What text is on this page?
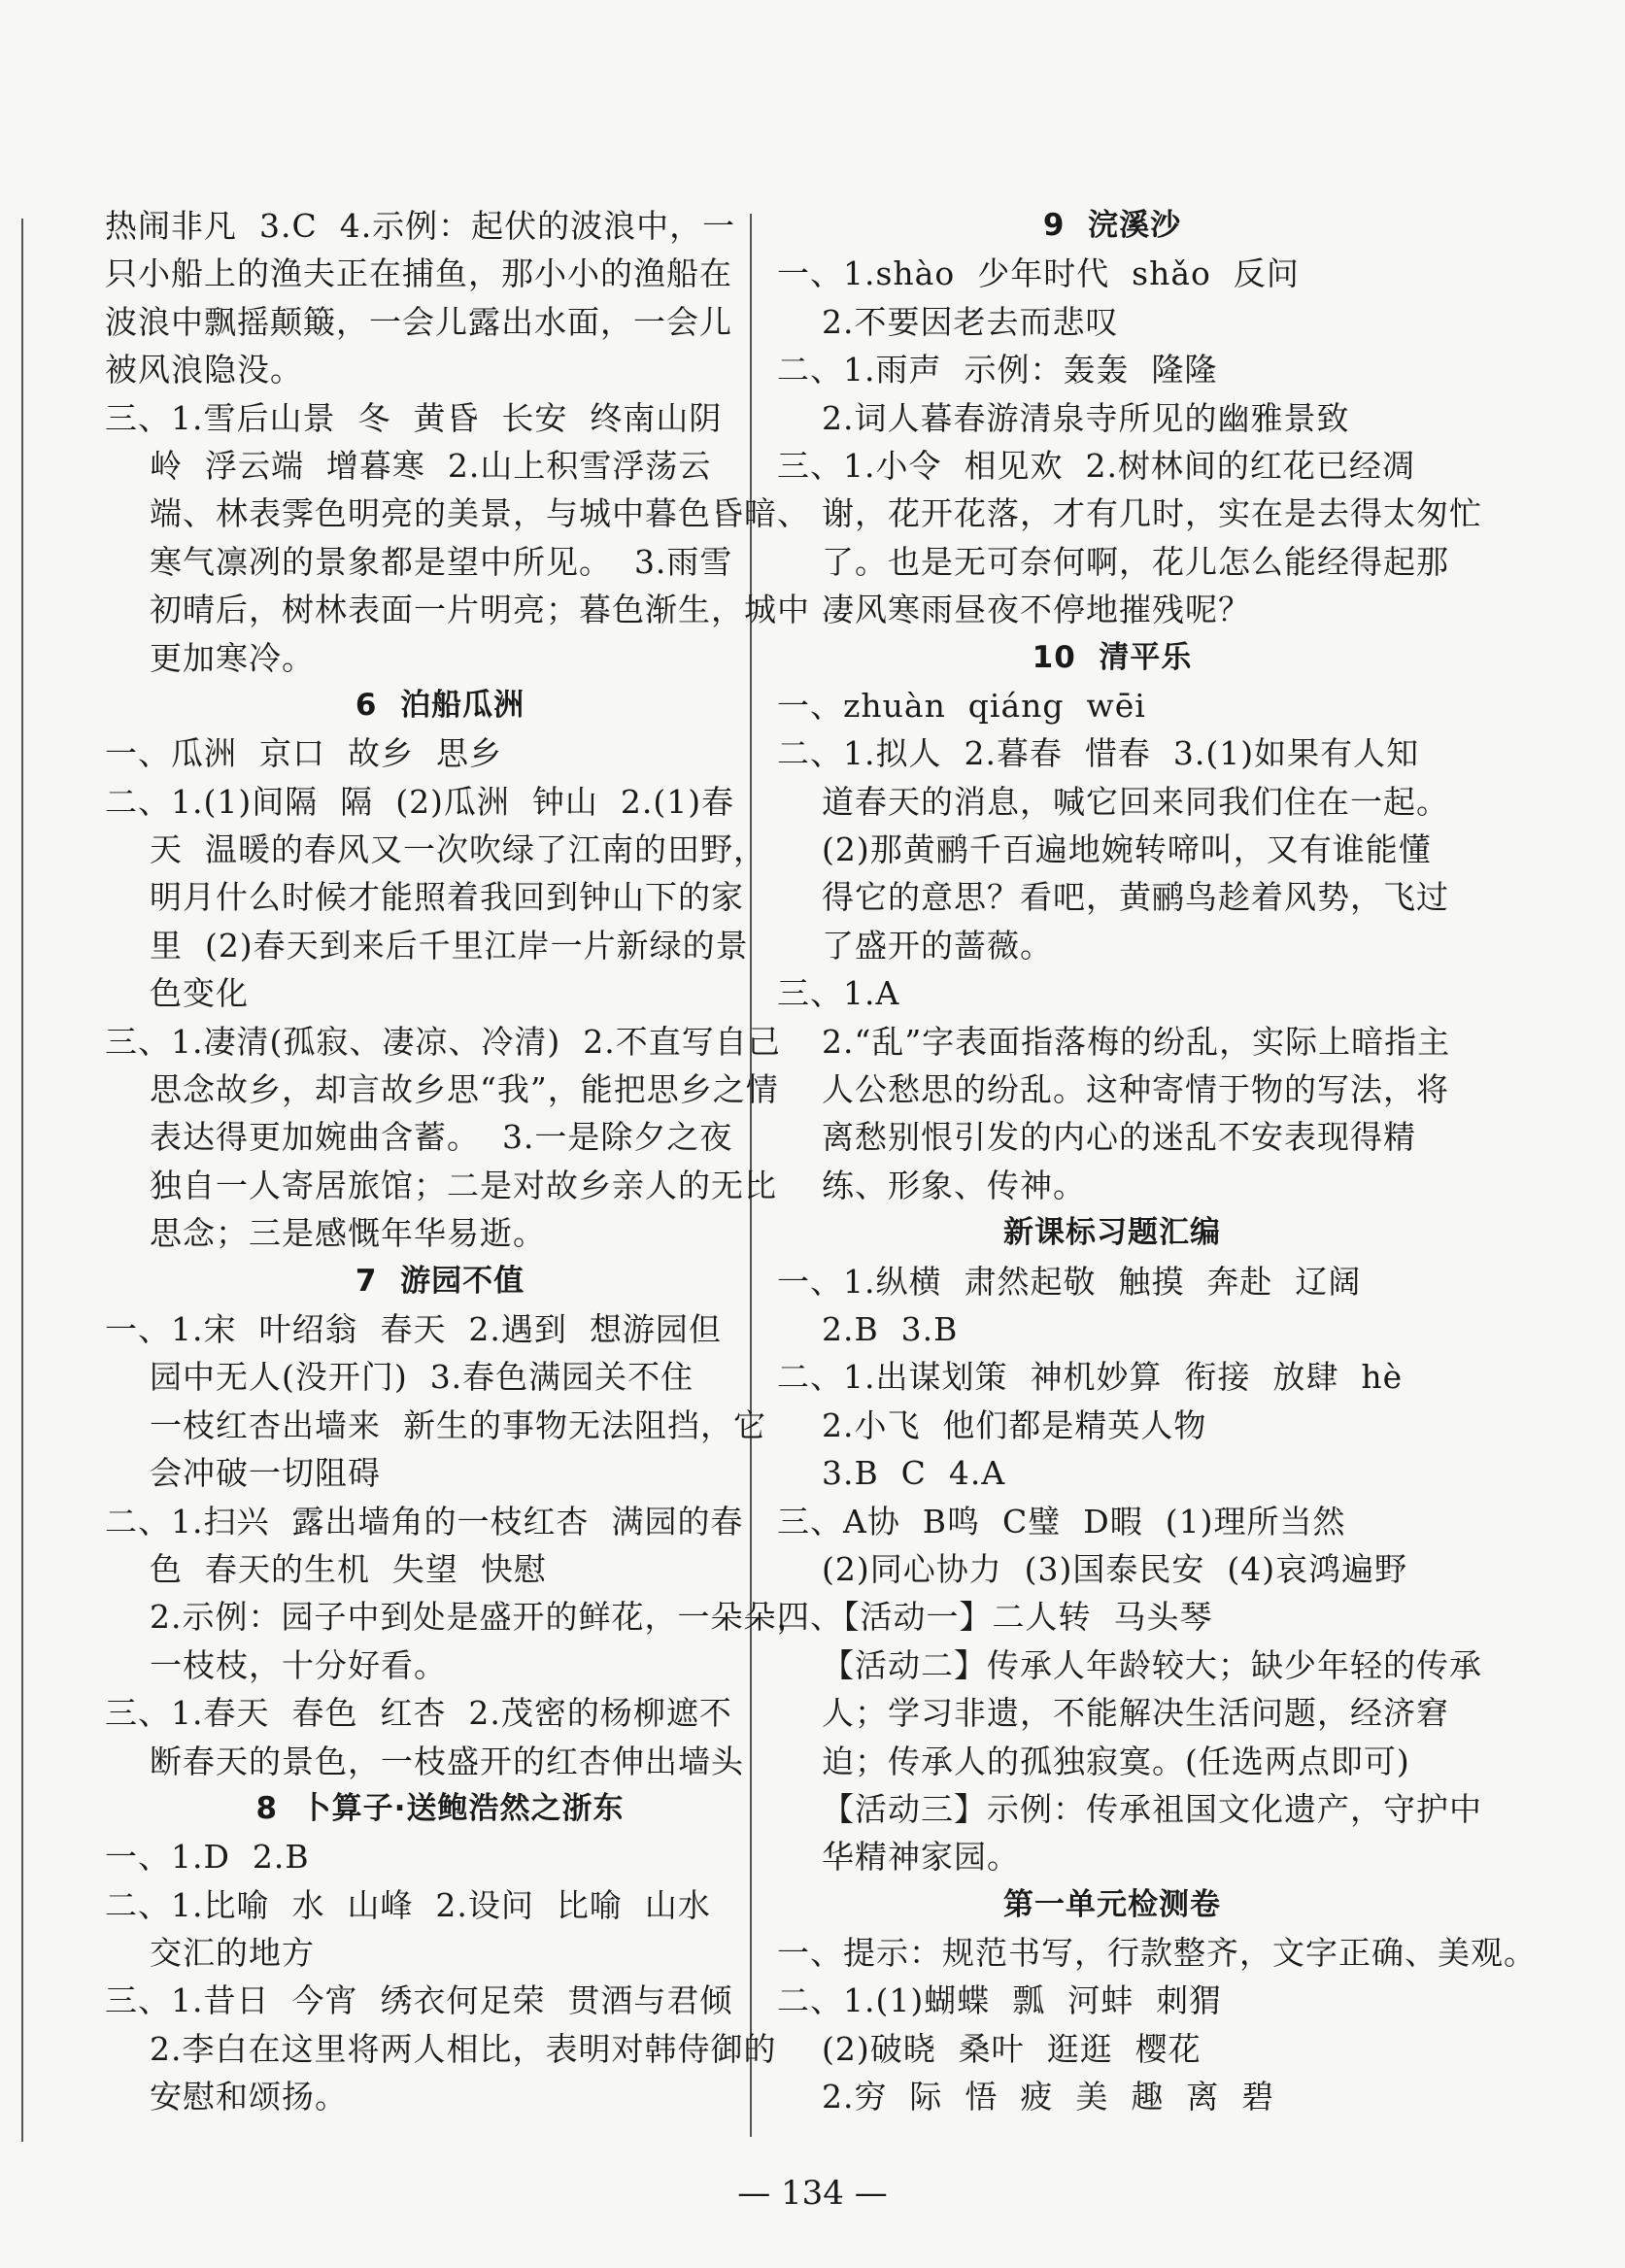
热闹非凡  3.C  4.示例：起伏的波浪中，一
只小船上的渔夫正在捕鱼，那小小的渔船在
波浪中飘摇颠簸，一会儿露出水面，一会儿
被风浪隐没。
三、1.雪后山景  冬  黄昏  长安  终南山阴
岭  浮云端  增暮寒  2.山上积雪浮荡云
端、林表霁色明亮的美景，与城中暮色昏暗、
寒气凛冽的景象都是望中所见。  3.雨雪
初晴后，树林表面一片明亮；暮色渐生，城中
更加寒冷。
6  泊船瓜洲
一、瓜洲  京口  故乡  思乡
二、1.(1)间隔  隔  (2)瓜洲  钟山  2.(1)春
天  温暖的春风又一次吹绿了江南的田野，
明月什么时候才能照着我回到钟山下的家
里  (2)春天到来后千里江岸一片新绿的景
色变化
三、1.凄清(孤寂、凄凉、冷清)  2.不直写自己
思念故乡，却言故乡思“我”，能把思乡之情
表达得更加婉曲含蓄。  3.一是除夕之夜
独自一人寄居旅馆；二是对故乡亲人的无比
思念；三是感慨年华易逝。
7  游园不值
一、1.宋  叶绍翁  春天  2.遇到  想游园但
园中无人(没开门)  3.春色满园关不住
一枝红杏出墙来  新生的事物无法阻挡，它
会冲破一切阻碍
二、1.扫兴  露出墙角的一枝红杏  满园的春
色  春天的生机  失望  快慰
2.示例：园子中到处是盛开的鲜花，一朵朵，
一枝枝，十分好看。
三、1.春天  春色  红杏  2.茂密的杨柳遮不
断春天的景色，一枝盛开的红杏伸出墙头
8  卜算子·送鲍浩然之浙东
一、1.D  2.B
二、1.比喻  水  山峰  2.设问  比喻  山水
交汇的地方
三、1.昔日  今宵  绣衣何足荣  贯酒与君倾
2.李白在这里将两人相比，表明对韩侍御的
安慰和颂扬。
9  浣溪沙
一、1.shào  少年时代  shǎo  反问
2.不要因老去而悲叹
二、1.雨声  示例：轰轰  隆隆
2.词人暮春游清泉寺所见的幽雅景致
三、1.小令  相见欢  2.树林间的红花已经凋
谢，花开花落，才有几时，实在是去得太匆忙
了。也是无可奈何啊，花儿怎么能经得起那
凄风寒雨昼夜不停地摧残呢？
10  清平乐
一、zhuàn  qiáng  wēi
二、1.拟人  2.暮春  惜春  3.(1)如果有人知
道春天的消息，喊它回来同我们住在一起。
(2)那黄鹂千百遍地婉转啼叫，又有谁能懂
得它的意思？看吧，黄鹂鸟趁着风势，飞过
了盛开的蔷薇。
三、1.A
2.“乱”字表面指落梅的纷乱，实际上暗指主
人公愁思的纷乱。这种寄情于物的写法，将
离愁别恨引发的内心的迷乱不安表现得精
练、形象、传神。
新课标习题汇编
一、1.纵横  肃然起敬  触摸  奔赴  辽阔
2.B  3.B
二、1.出谋划策  神机妙算  衔接  放肆  hè
2.小飞  他们都是精英人物
3.B  C  4.A
三、A协  B鸣  C璧  D暇  (1)理所当然
(2)同心协力  (3)国泰民安  (4)哀鸿遍野
四、【活动一】二人转  马头琴
【活动二】传承人年龄较大；缺少年轻的传承
人；学习非遗，不能解决生活问题，经济窘
迫；传承人的孤独寂寞。(任选两点即可)
【活动三】示例：传承祖国文化遗产，守护中
华精神家园。
第一单元检测卷
一、提示：规范书写，行款整齐，文字正确、美观。
二、1.(1)蝴蝶  瓢  河蚌  刺猬
(2)破晓  桑叶  逛逛  樱花
2.穷  际  悟  疲  美  趣  离  碧
— 134 —
